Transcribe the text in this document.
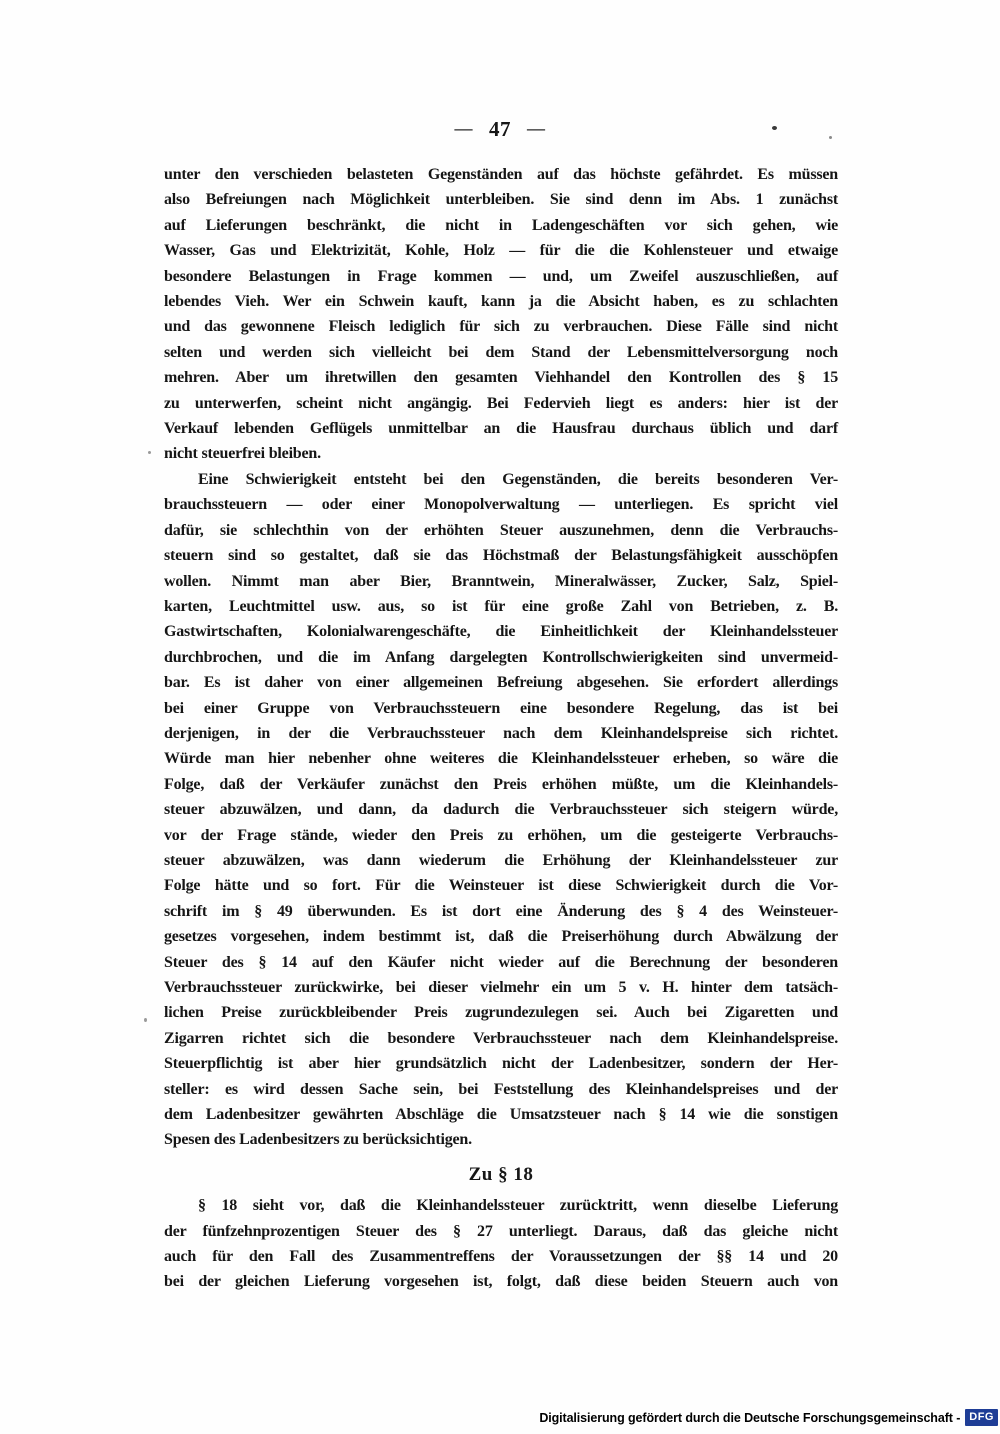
— 47 —
unter den verschieden belasteten Gegenständen auf das höchste gefährdet. Es müssen
also Befreiungen nach Möglichkeit unterbleiben. Sie sind denn im Abs. 1 zunächst
auf Lieferungen beschränkt, die nicht in Ladengeschäften vor sich gehen, wie
Wasser, Gas und Elektrizität, Kohle, Holz — für die die Kohlensteuer und etwaige
besondere Belastungen in Frage kommen — und, um Zweifel auszuschließen, auf
lebendes Vieh. Wer ein Schwein kauft, kann ja die Absicht haben, es zu schlachten
und das gewonnene Fleisch lediglich für sich zu verbrauchen. Diese Fälle sind nicht
selten und werden sich vielleicht bei dem Stand der Lebensmittelversorgung noch
mehren. Aber um ihretwillen den gesamten Viehhandel den Kontrollen des § 15
zu unterwerfen, scheint nicht angängig. Bei Federvieh liegt es anders: hier ist der
Verkauf lebenden Geflügels unmittelbar an die Hausfrau durchaus üblich und darf
nicht steuerfrei bleiben.
Eine Schwierigkeit entsteht bei den Gegenständen, die bereits besonderen Ver-
brauchssteuern — oder einer Monopolverwaltung — unterliegen. Es spricht viel
dafür, sie schlechthin von der erhöhten Steuer auszunehmen, denn die Verbrauchs-
steuern sind so gestaltet, daß sie das Höchstmaß der Belastungsfähigkeit ausschöpfen
wollen. Nimmt man aber Bier, Branntwein, Mineralwässer, Zucker, Salz, Spiel-
karten, Leuchtmittel usw. aus, so ist für eine große Zahl von Betrieben, z. B.
Gastwirtschaften, Kolonialwarengeschäfte, die Einheitlichkeit der Kleinhandelssteuer
durchbrochen, und die im Anfang dargelegten Kontrollschwierigkeiten sind unvermeid-
bar. Es ist daher von einer allgemeinen Befreiung abgesehen. Sie erfordert allerdings
bei einer Gruppe von Verbrauchssteuern eine besondere Regelung, das ist bei
derjenigen, in der die Verbrauchssteuer nach dem Kleinhandelspreise sich richtet.
Würde man hier nebenher ohne weiteres die Kleinhandelssteuer erheben, so wäre die
Folge, daß der Verkäufer zunächst den Preis erhöhen müßte, um die Kleinhandels-
steuer abzuwälzen, und dann, da dadurch die Verbrauchssteuer sich steigern würde,
vor der Frage stände, wieder den Preis zu erhöhen, um die gesteigerte Verbrauchs-
steuer abzuwälzen, was dann wiederum die Erhöhung der Kleinhandelssteuer zur
Folge hätte und so fort. Für die Weinsteuer ist diese Schwierigkeit durch die Vor-
schrift im § 49 überwunden. Es ist dort eine Änderung des § 4 des Weinsteuer-
gesetzes vorgesehen, indem bestimmt ist, daß die Preiserhöhung durch Abwälzung der
Steuer des § 14 auf den Käufer nicht wieder auf die Berechnung der besonderen
Verbrauchssteuer zurückwirke, bei dieser vielmehr ein um 5 v. H. hinter dem tatsäch-
lichen Preise zurückbleibender Preis zugrundezulegen sei. Auch bei Zigaretten und
Zigarren richtet sich die besondere Verbrauchssteuer nach dem Kleinhandelspreise.
Steuerpflichtig ist aber hier grundsätzlich nicht der Ladenbesitzer, sondern der Her-
steller: es wird dessen Sache sein, bei Feststellung des Kleinhandelspreises und der
dem Ladenbesitzer gewährten Abschläge die Umsatzsteuer nach § 14 wie die sonstigen
Spesen des Ladenbesitzers zu berücksichtigen.
Zu § 18
§ 18 sieht vor, daß die Kleinhandelssteuer zurücktritt, wenn dieselbe Lieferung
der fünfzehnprozentigen Steuer des § 27 unterliegt. Daraus, daß das gleiche nicht
auch für den Fall des Zusammentreffens der Voraussetzungen der §§ 14 und 20
bei der gleichen Lieferung vorgesehen ist, folgt, daß diese beiden Steuern auch von
Digitalisierung gefördert durch die Deutsche Forschungsgemeinschaft - DFG
